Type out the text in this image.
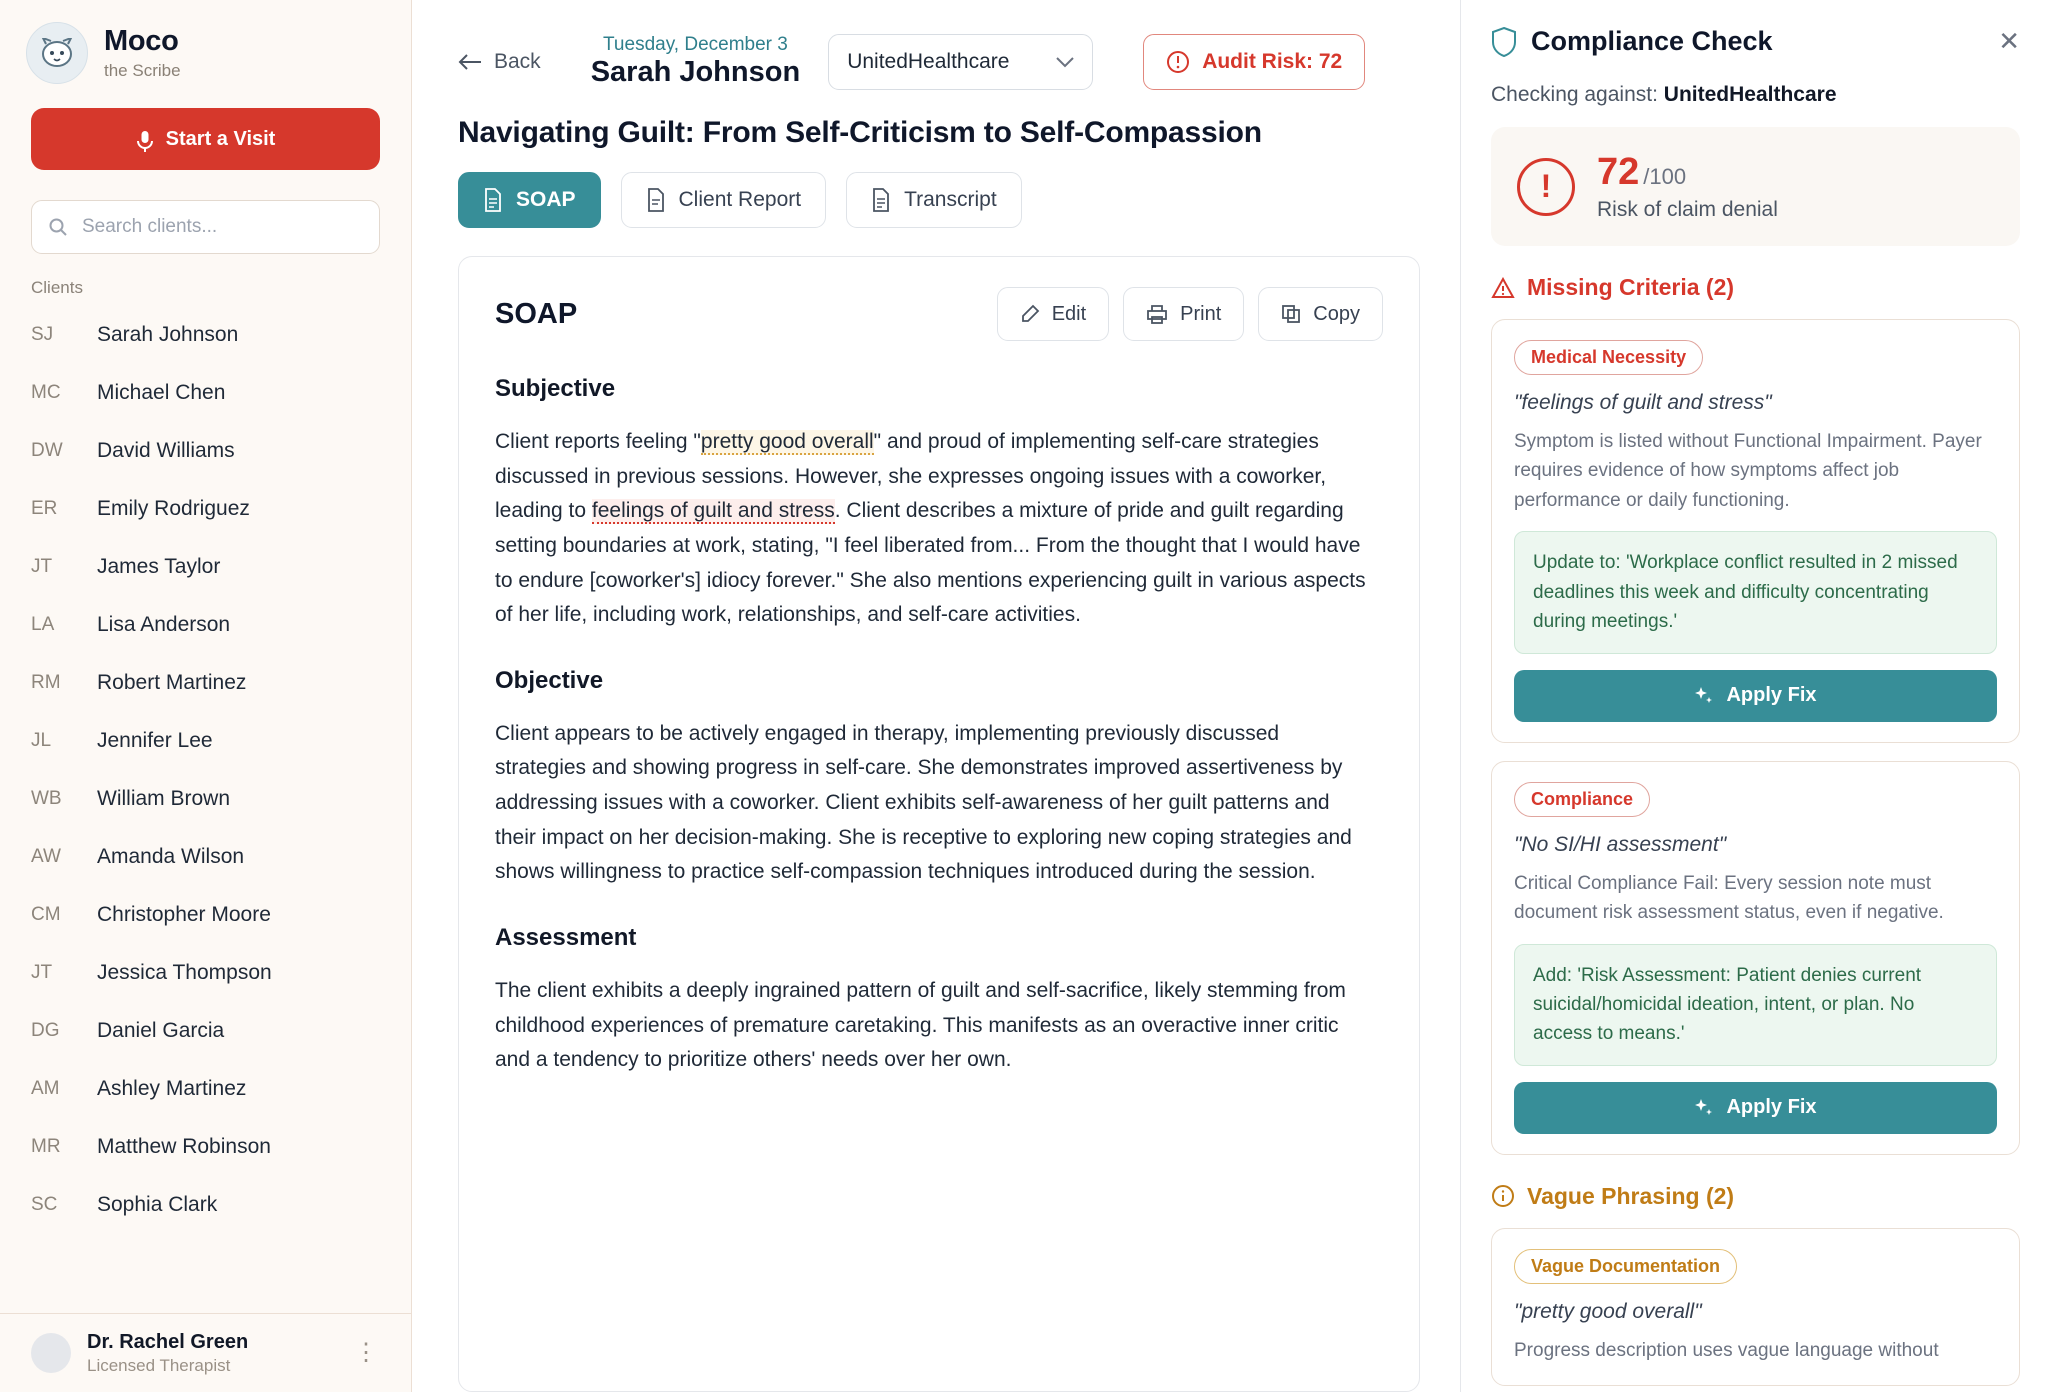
Moco
the Scribe
Start a Visit
Search clients...
Clients
SJ	Sarah Johnson
MC	Michael Chen
DW	David Williams
ER	Emily Rodriguez
JT	James Taylor
LA	Lisa Anderson
RM	Robert Martinez
JL	Jennifer Lee
WB	William Brown
AW	Amanda Wilson
CM	Christopher Moore
JT	Jessica Thompson
DG	Daniel Garcia
AM	Ashley Martinez
MR	Matthew Robinson
SC	Sophia Clark
Dr. Rachel Green
Licensed Therapist	⋮
Back
Tuesday, December 3
Sarah Johnson UnitedHealthcare	Audit Risk: 72
Navigating Guilt: From Self-Criticism to Self-Compassion
SOAP	Client Report	Transcript
SOAP	Edit	Print	Copy
Subjective

Client reports feeling "pretty good overall" and proud of implementing self-care strategies discussed in previous sessions. However, she expresses ongoing issues with a coworker, leading to feelings of guilt and stress. Client describes a mixture of pride and guilt regarding setting boundaries at work, stating, "I feel liberated from... From the thought that I would have to endure [coworker's] idiocy forever." She also mentions experiencing guilt in various aspects of her life, including work, relationships, and self-care activities.

Objective

Client appears to be actively engaged in therapy, implementing previously discussed strategies and showing progress in self-care. She demonstrates improved assertiveness by addressing issues with a coworker. Client exhibits self-awareness of her guilt patterns and their impact on her decision-making. She is receptive to exploring new coping strategies and shows willingness to practice self-compassion techniques introduced during the session.

Assessment

The client exhibits a deeply ingrained pattern of guilt and self-sacrifice, likely stemming from childhood experiences of premature caretaking. This manifests as an overactive inner critic and a tendency to prioritize others' needs over her own.

Compliance Check	✕
Checking against: UnitedHealthcare
!	72 /100
Risk of claim denial
Missing Criteria (2)
Medical Necessity
"feelings of guilt and stress"
Symptom is listed without Functional Impairment. Payer requires evidence of how symptoms affect job performance or daily functioning.
Update to: 'Workplace conflict resulted in 2 missed deadlines this week and difficulty concentrating during meetings.'
Apply Fix
Compliance
"No SI/HI assessment"
Critical Compliance Fail: Every session note must document risk assessment status, even if negative.
Add: 'Risk Assessment: Patient denies current suicidal/homicidal ideation, intent, or plan. No access to means.'
Apply Fix
Vague Phrasing (2)
Vague Documentation
"pretty good overall"
Progress description uses vague language without
